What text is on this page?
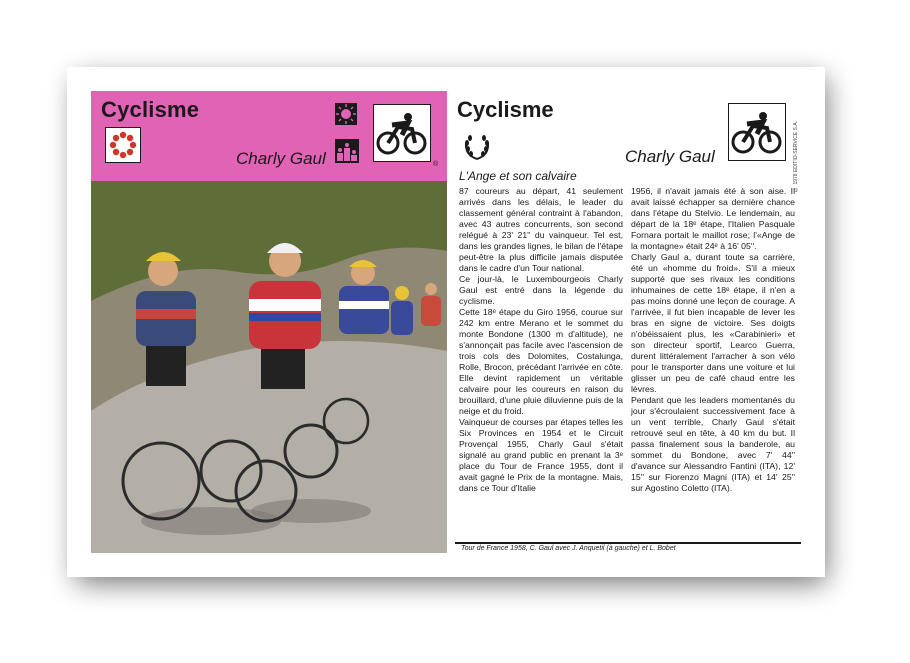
Cyclisme
Charly Gaul	®
Cyclisme
© 1978 EDITIO-SERVICE S.A.
Charly Gaul
L'Ange et son calvaire

87 coureurs au départ, 41 seulement arrivés dans les délais, le leader du classement général contraint à l'abandon, avec 43 autres concurrents, son second relégué à 23' 21'' du vainqueur. Tel est, dans les grandes lignes, le bilan de l'étape peut-être la plus difficile jamais disputée dans le cadre d'un Tour national.

Ce jour-là, le Luxembourgeois Charly Gaul est entré dans la légende du cyclisme.

Cette 18ᵉ étape du Giro 1956, courue sur 242 km entre Merano et le sommet du monte Bondone (1300 m d'altitude), ne s'annonçait pas facile avec l'ascension de trois cols des Dolomites, Costalunga, Rolle, Brocon, précédant l'arrivée en côte. Elle devint rapidement un véritable calvaire pour les coureurs en raison du brouillard, d'une pluie diluvienne puis de la neige et du froid.

Vainqueur de courses par étapes telles les Six Provinces en 1954 et le Circuit Provençal 1955, Charly Gaul s'était signalé au grand public en prenant la 3ᵉ place du Tour de France 1955, dont il avait gagné le Prix de la montagne. Mais, dans ce Tour d'Italie

1956, il n'avait jamais été à son aise. Il avait laissé échapper sa dernière chance dans l'étape du Stelvio. Le lendemain, au départ de la 18ᵉ étape, l'Italien Pasquale Fornara portait le maillot rose; l'«Ange de la montagne» était 24ᵉ à 16' 05''.

Charly Gaul a, durant toute sa carrière, été un «homme du froid». S'il a mieux supporté que ses rivaux les conditions inhumaines de cette 18ᵉ étape, il n'en a pas moins donné une leçon de courage. A l'arrivée, il fut bien incapable de lever les bras en signe de victoire. Ses doigts n'obéissaient plus, les «Carabinieri» et son directeur sportif, Learco Guerra, durent littéralement l'arracher à son vélo pour le transporter dans une voiture et lui glisser un peu de café chaud entre les lèvres.

Pendant que les leaders momentanés du jour s'écroulaient successivement face à un vent terrible, Charly Gaul s'était retrouvé seul en tête, à 40 km du but. Il passa finalement sous la banderole, au sommet du Bondone, avec 7' 44'' d'avance sur Alessandro Fantini (ITA), 12' 15'' sur Fiorenzo Magni (ITA) et 14' 25'' sur Agostino Coletto (ITA).

Tour de France 1958, C. Gaul avec J. Anquetil (à gauche) et L. Bobet
